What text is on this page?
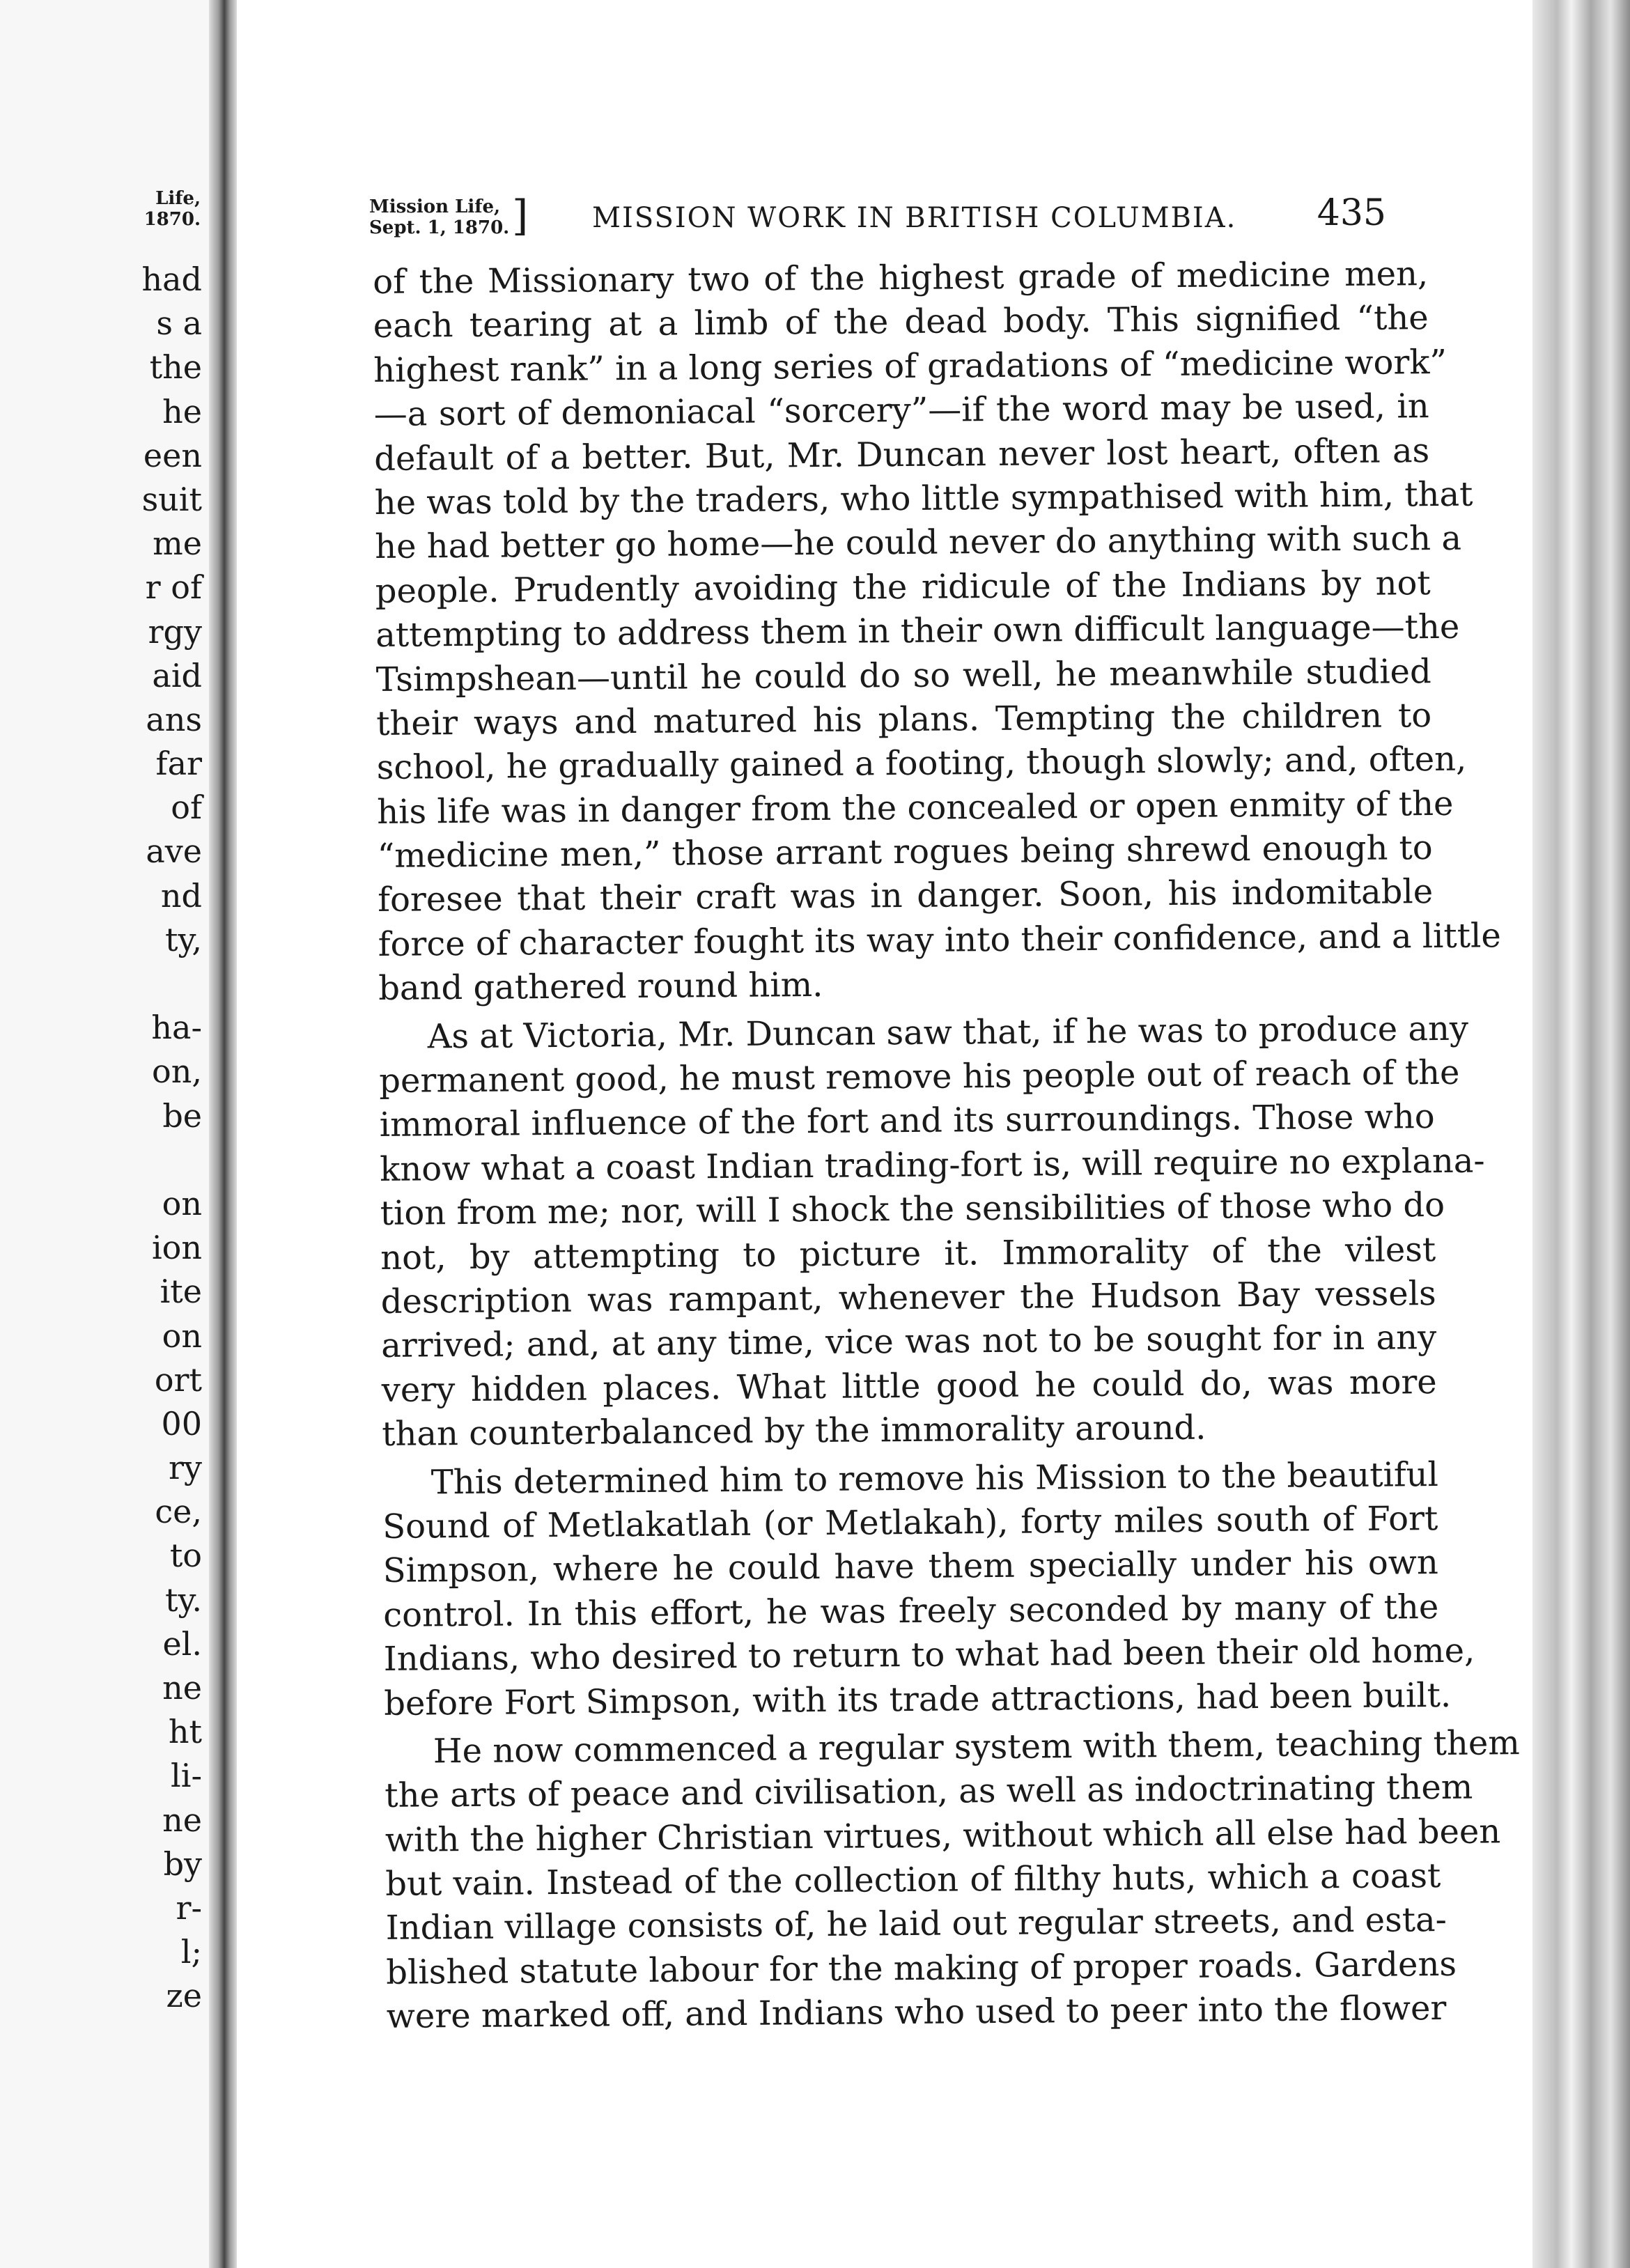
Life,
1870.
had
s a
the
he
een
suit
me
r of
rgy
aid
ans
far
of
ave
nd
ty,
ha-
on,
be
on
ion
ite
on
ort
00
ry
ce,
to
ty.
el.
ne
ht
li-
ne
by
r-
l;
ze
Mission Life,
Sept. 1, 1870. ] MISSION WORK IN BRITISH COLUMBIA. 435
of the Missionary two of the highest grade of medicine men,
each tearing at a limb of the dead body. This signified “the
highest rank” in a long series of gradations of “medicine work”
—a sort of demoniacal “sorcery”—if the word may be used, in
default of a better. But, Mr. Duncan never lost heart, often as
he was told by the traders, who little sympathised with him, that
he had better go home—he could never do anything with such a
people. Prudently avoiding the ridicule of the Indians by not
attempting to address them in their own difficult language—the
Tsimpshean—until he could do so well, he meanwhile studied
their ways and matured his plans. Tempting the children to
school, he gradually gained a footing, though slowly; and, often,
his life was in danger from the concealed or open enmity of the
“medicine men,” those arrant rogues being shrewd enough to
foresee that their craft was in danger. Soon, his indomitable
force of character fought its way into their confidence, and a little
band gathered round him.
As at Victoria, Mr. Duncan saw that, if he was to produce any
permanent good, he must remove his people out of reach of the
immoral influence of the fort and its surroundings. Those who
know what a coast Indian trading-fort is, will require no explana-
tion from me; nor, will I shock the sensibilities of those who do
not, by attempting to picture it. Immorality of the vilest
description was rampant, whenever the Hudson Bay vessels
arrived; and, at any time, vice was not to be sought for in any
very hidden places. What little good he could do, was more
than counterbalanced by the immorality around.
This determined him to remove his Mission to the beautiful
Sound of Metlakatlah (or Metlakah), forty miles south of Fort
Simpson, where he could have them specially under his own
control. In this effort, he was freely seconded by many of the
Indians, who desired to return to what had been their old home,
before Fort Simpson, with its trade attractions, had been built.
He now commenced a regular system with them, teaching them
the arts of peace and civilisation, as well as indoctrinating them
with the higher Christian virtues, without which all else had been
but vain. Instead of the collection of filthy huts, which a coast
Indian village consists of, he laid out regular streets, and esta-
blished statute labour for the making of proper roads. Gardens
were marked off, and Indians who used to peer into the flower
